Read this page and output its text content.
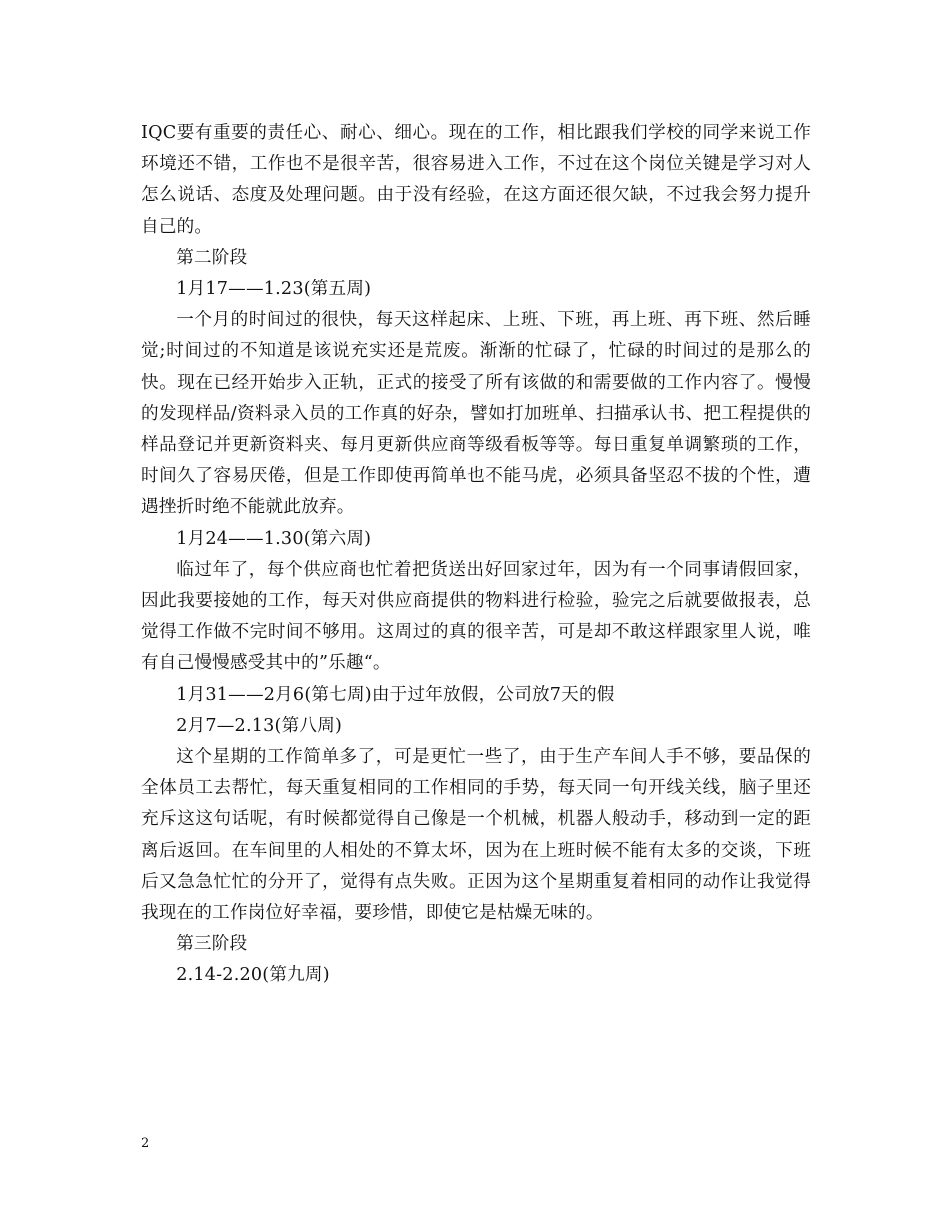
IQC要有重要的责任心、耐心、细心。现在的工作，相比跟我们学校的同学来说工作环境还不错，工作也不是很辛苦，很容易进入工作，不过在这个岗位关键是学习对人怎么说话、态度及处理问题。由于没有经验，在这方面还很欠缺，不过我会努力提升自己的。

第二阶段

1月17——1.23(第五周)

一个月的时间过的很快，每天这样起床、上班、下班，再上班、再下班、然后睡觉;时间过的不知道是该说充实还是荒废。渐渐的忙碌了，忙碌的时间过的是那么的快。现在已经开始步入正轨，正式的接受了所有该做的和需要做的工作内容了。慢慢的发现样品/资料录入员的工作真的好杂，譬如打加班单、扫描承认书、把工程提供的样品登记并更新资料夹、每月更新供应商等级看板等等。每日重复单调繁琐的工作，时间久了容易厌倦，但是工作即使再简单也不能马虎，必须具备坚忍不拔的个性，遭遇挫折时绝不能就此放弃。

1月24——1.30(第六周)

临过年了，每个供应商也忙着把货送出好回家过年，因为有一个同事请假回家，因此我要接她的工作，每天对供应商提供的物料进行检验，验完之后就要做报表，总觉得工作做不完时间不够用。这周过的真的很辛苦，可是却不敢这样跟家里人说，唯有自己慢慢感受其中的”乐趣“。

1月31——2月6(第七周)由于过年放假，公司放7天的假

2月7—2.13(第八周)

这个星期的工作简单多了，可是更忙一些了，由于生产车间人手不够，要品保的全体员工去帮忙，每天重复相同的工作相同的手势，每天同一句开线关线，脑子里还充斥这这句话呢，有时候都觉得自己像是一个机械，机器人般动手，移动到一定的距离后返回。在车间里的人相处的不算太坏，因为在上班时候不能有太多的交谈，下班后又急急忙忙的分开了，觉得有点失败。正因为这个星期重复着相同的动作让我觉得我现在的工作岗位好幸福，要珍惜，即使它是枯燥无味的。

第三阶段

2.14-2.20(第九周)

2
